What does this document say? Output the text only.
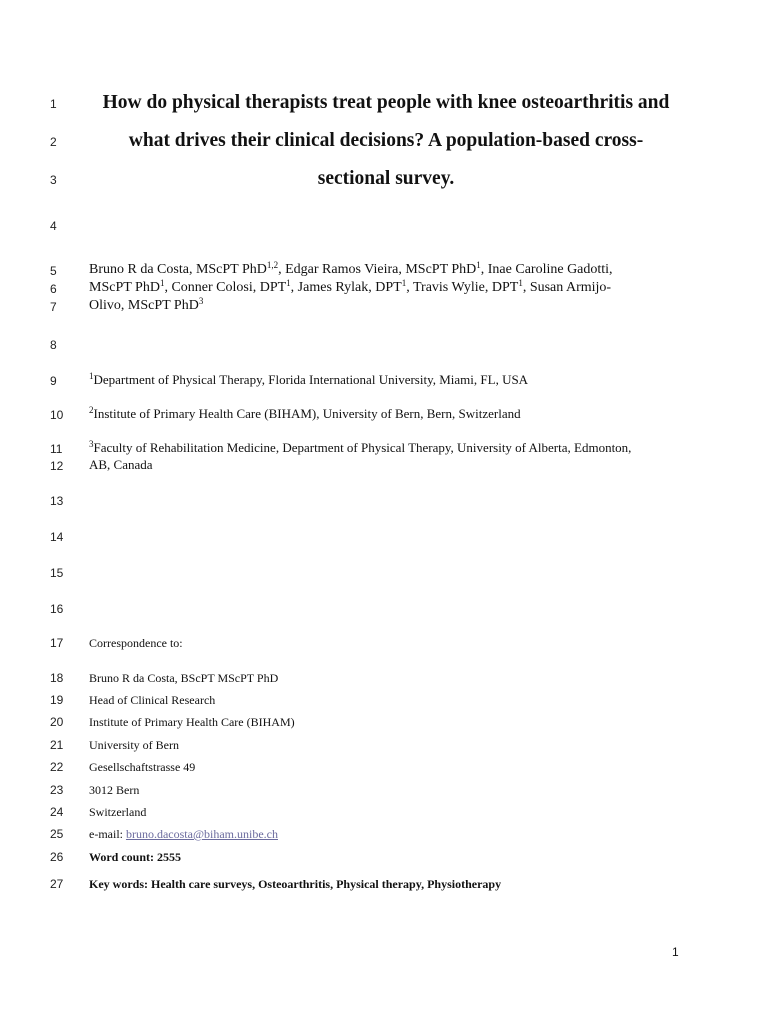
1
2
3
4
5
6
7
8
9
10
11
12
13
14
15
16
17
18
19
20
21
22
23
24
25
26
27
How do physical therapists treat people with knee osteoarthritis and
what drives their clinical decisions? A population-based cross-
sectional survey.
Bruno R da Costa, MScPT PhD$^{1,2}$, Edgar Ramos Vieira, MScPT PhD$^1$, Inae Caroline Gadotti,
MScPT PhD$^1$, Conner Colosi, DPT$^1$, James Rylak, DPT$^1$, Travis Wylie, DPT$^1$, Susan Armijo-
Olivo, MScPT PhD$^3$
$^1$Department of Physical Therapy, Florida International University, Miami, FL, USA
$^2$Institute of Primary Health Care (BIHAM), University of Bern, Bern, Switzerland
$^3$Faculty of Rehabilitation Medicine, Department of Physical Therapy, University of Alberta, Edmonton,
AB, Canada
Correspondence to:
Bruno R da Costa, BScPT MScPT PhD
Head of Clinical Research
Institute of Primary Health Care (BIHAM)
University of Bern
Gesellschaftstrasse 49
3012 Bern
Switzerland
e-mail: bruno.dacosta@biham.unibe.ch
Word count: 2555
Key words: Health care surveys, Osteoarthritis, Physical therapy, Physiotherapy
1
